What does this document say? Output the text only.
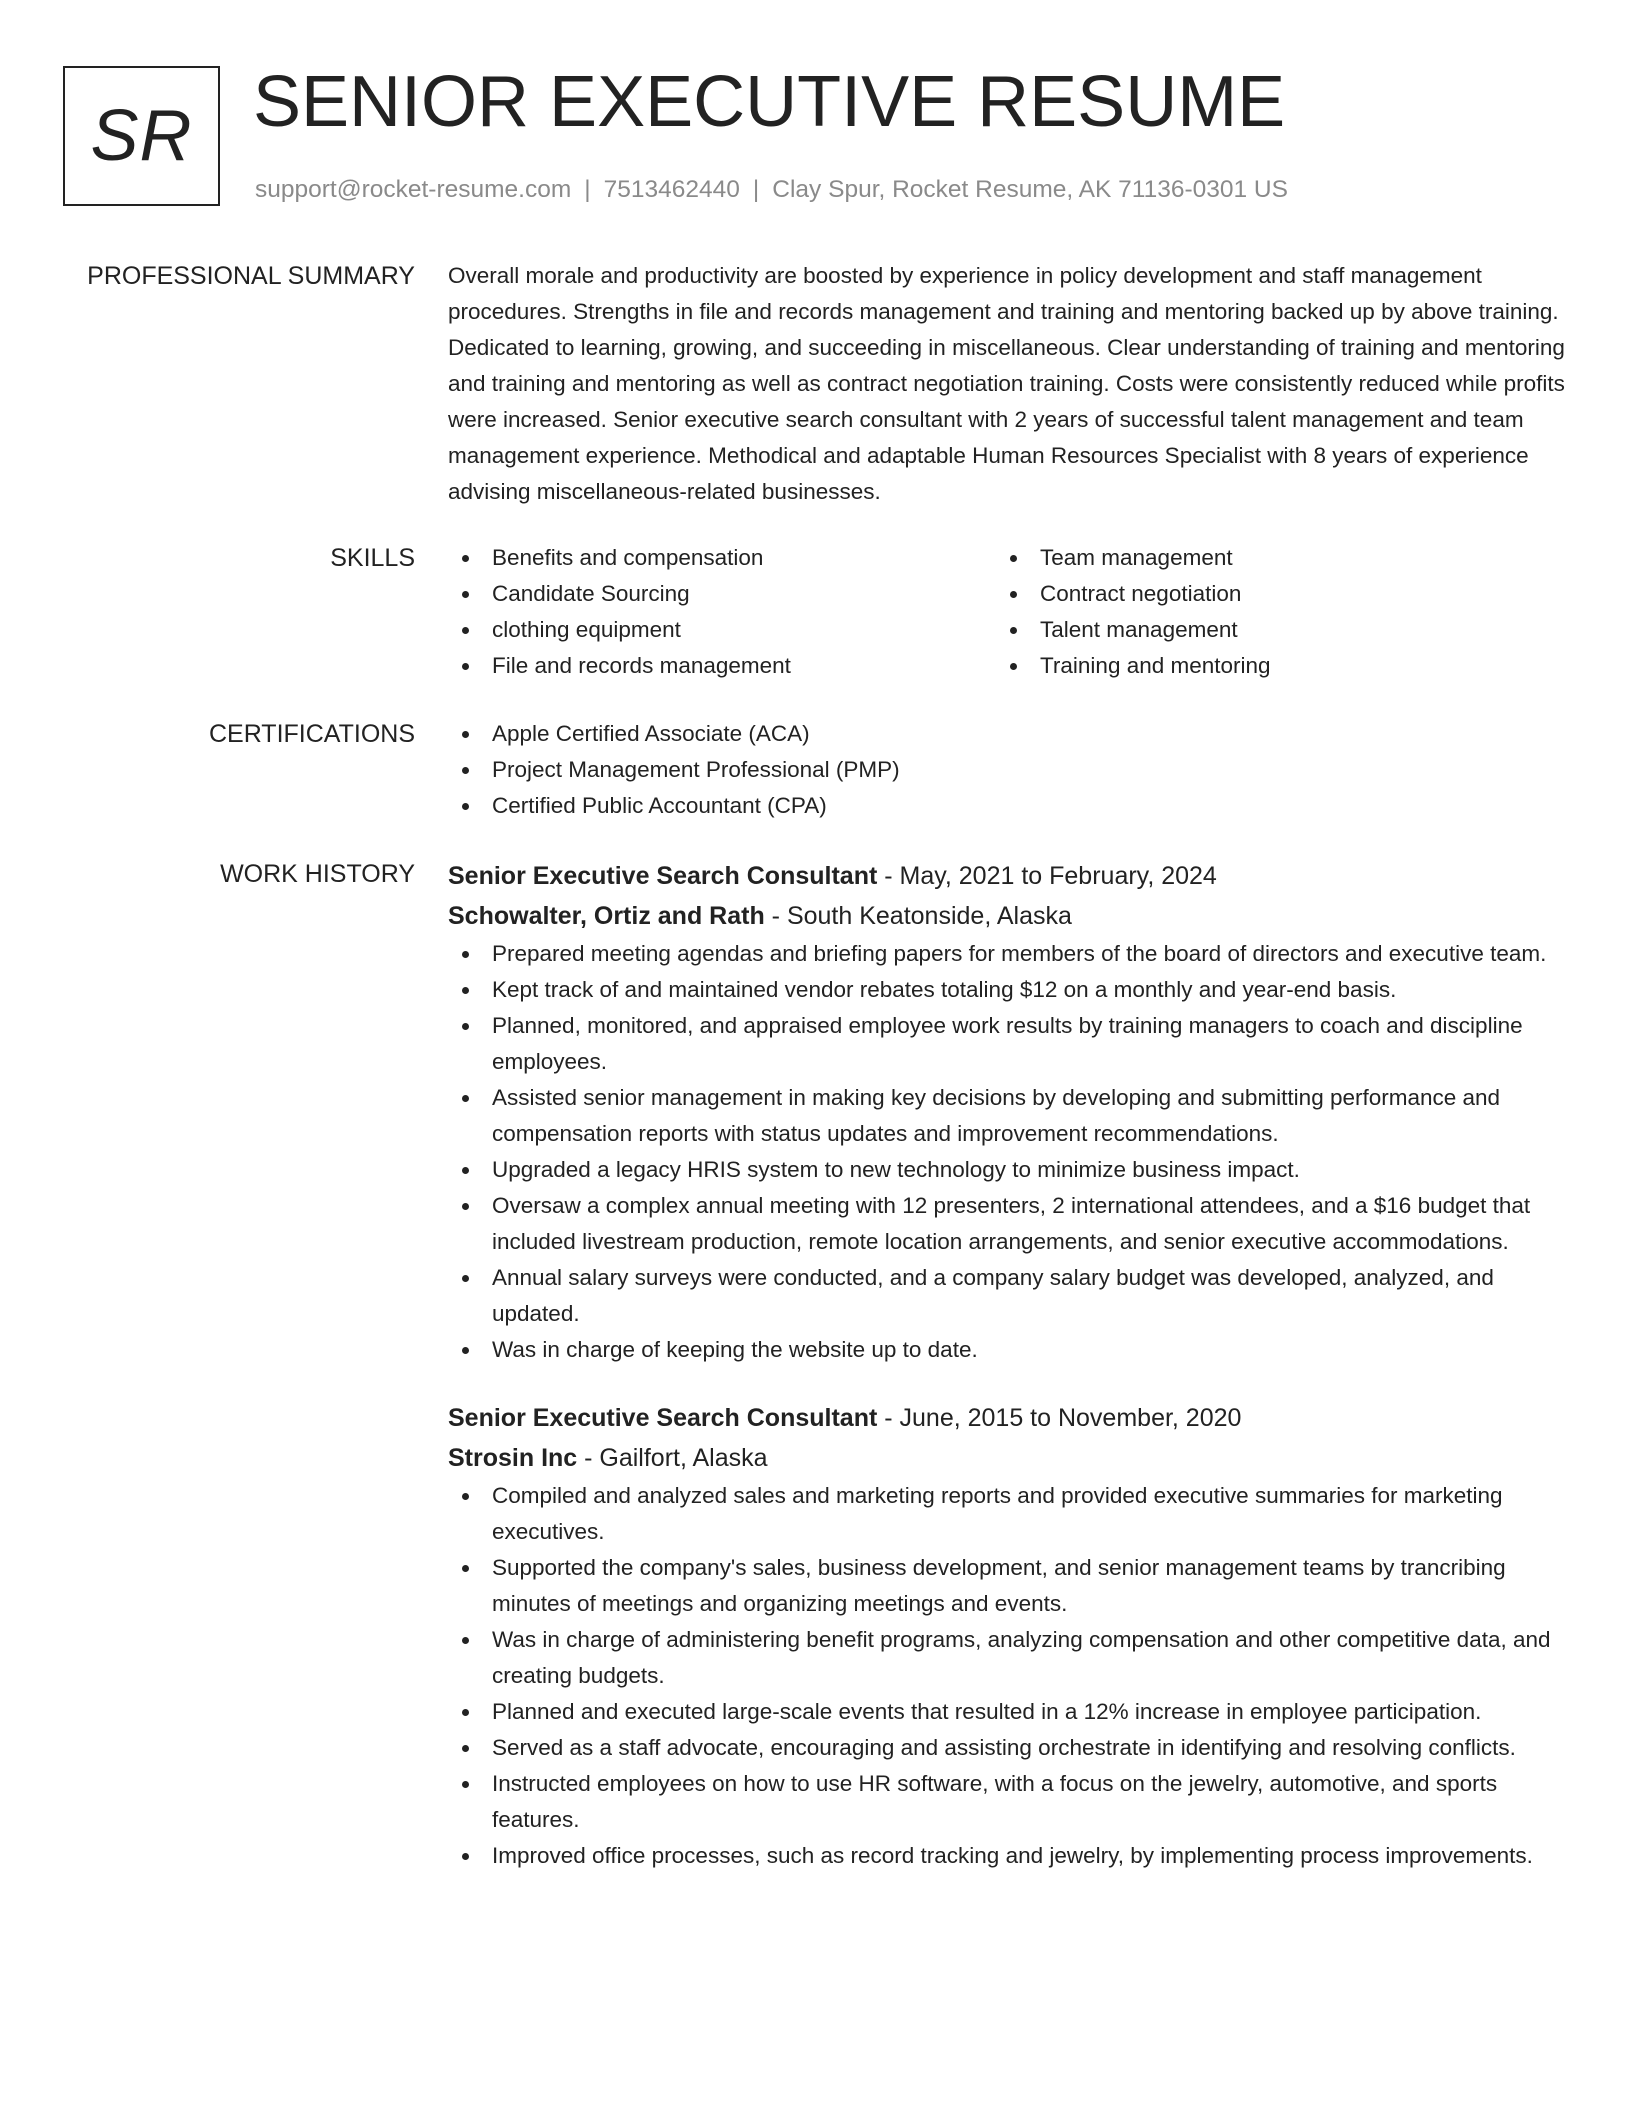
SR SENIOR EXECUTIVE RESUME
support@rocket-resume.com | 7513462440 | Clay Spur, Rocket Resume, AK 71136-0301 US
PROFESSIONAL SUMMARY Overall morale and productivity are boosted by experience in policy development and staff management procedures. Strengths in file and records management and training and mentoring backed up by above training. Dedicated to learning, growing, and succeeding in miscellaneous. Clear understanding of training and mentoring and training and mentoring as well as contract negotiation training. Costs were consistently reduced while profits were increased. Senior executive search consultant with 2 years of successful talent management and team management experience. Methodical and adaptable Human Resources Specialist with 8 years of experience advising miscellaneous-related businesses.

SKILLS	Benefits and compensation
Candidate Sourcing
clothing equipment
File and records management
Team management
Contract negotiation
Talent management
Training and mentoring
CERTIFICATIONS	Apple Certified Associate (ACA)
Project Management Professional (PMP)
Certified Public Accountant (CPA)
WORK HISTORY Senior Executive Search Consultant - May, 2021 to February, 2024
Schowalter, Ortiz and Rath - South Keatonside, Alaska
Prepared meeting agendas and briefing papers for members of the board of directors and executive team.
Kept track of and maintained vendor rebates totaling $12 on a monthly and year-end basis.
Planned, monitored, and appraised employee work results by training managers to coach and discipline employees.
Assisted senior management in making key decisions by developing and submitting performance and compensation reports with status updates and improvement recommendations.
Upgraded a legacy HRIS system to new technology to minimize business impact.
Oversaw a complex annual meeting with 12 presenters, 2 international attendees, and a $16 budget that included livestream production, remote location arrangements, and senior executive accommodations.
Annual salary surveys were conducted, and a company salary budget was developed, analyzed, and updated.
Was in charge of keeping the website up to date.
Senior Executive Search Consultant - June, 2015 to November, 2020
Strosin Inc - Gailfort, Alaska
Compiled and analyzed sales and marketing reports and provided executive summaries for marketing executives.
Supported the company's sales, business development, and senior management teams by trancribing minutes of meetings and organizing meetings and events.
Was in charge of administering benefit programs, analyzing compensation and other competitive data, and creating budgets.
Planned and executed large-scale events that resulted in a 12% increase in employee participation.
Served as a staff advocate, encouraging and assisting orchestrate in identifying and resolving conflicts.
Instructed employees on how to use HR software, with a focus on the jewelry, automotive, and sports features.
Improved office processes, such as record tracking and jewelry, by implementing process improvements.
